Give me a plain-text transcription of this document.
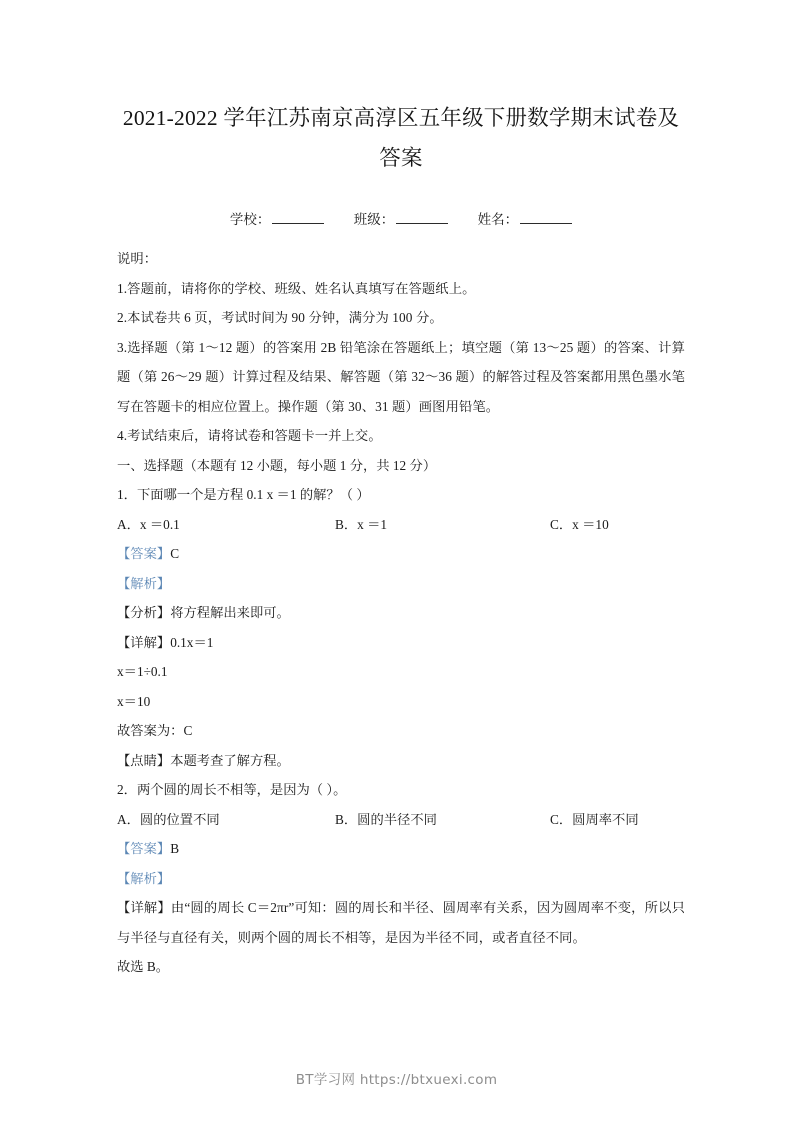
2021-2022 学年江苏南京高淳区五年级下册数学期末试卷及
答案
学校：	班级：	姓名：
说明：
1.答题前，请将你的学校、班级、姓名认真填写在答题纸上。
2.本试卷共 6 页，考试时间为 90 分钟，满分为 100 分。
3.选择题（第 1～12 题）的答案用 2B 铅笔涂在答题纸上；填空题（第 13～25 题）的答案、计算题（第 26～29 题）计算过程及结果、解答题（第 32～36 题）的解答过程及答案都用黑色墨水笔写在答题卡的相应位置上。操作题（第 30、31 题）画图用铅笔。
4.考试结束后，请将试卷和答题卡一并上交。
一、选择题（本题有 12 小题，每小题 1 分，共 12 分）
1．下面哪一个是方程 0.1 x ＝1 的解？（ ）
A．x ＝0.1	B．x ＝1	C．x ＝10
【答案】C
【解析】
【分析】将方程解出来即可。
【详解】0.1x＝1
x＝1÷0.1
x＝10
故答案为：C
【点睛】本题考查了解方程。
2．两个圆的周长不相等，是因为（ ）。
A．圆的位置不同	B．圆的半径不同	C．圆周率不同
【答案】B
【解析】
【详解】由“圆的周长 C＝2πr”可知：圆的周长和半径、圆周率有关系，因为圆周率不变，所以只与半径与直径有关，则两个圆的周长不相等，是因为半径不同，或者直径不同。
故选 B。
BT学习网 https://btxuexi.com
